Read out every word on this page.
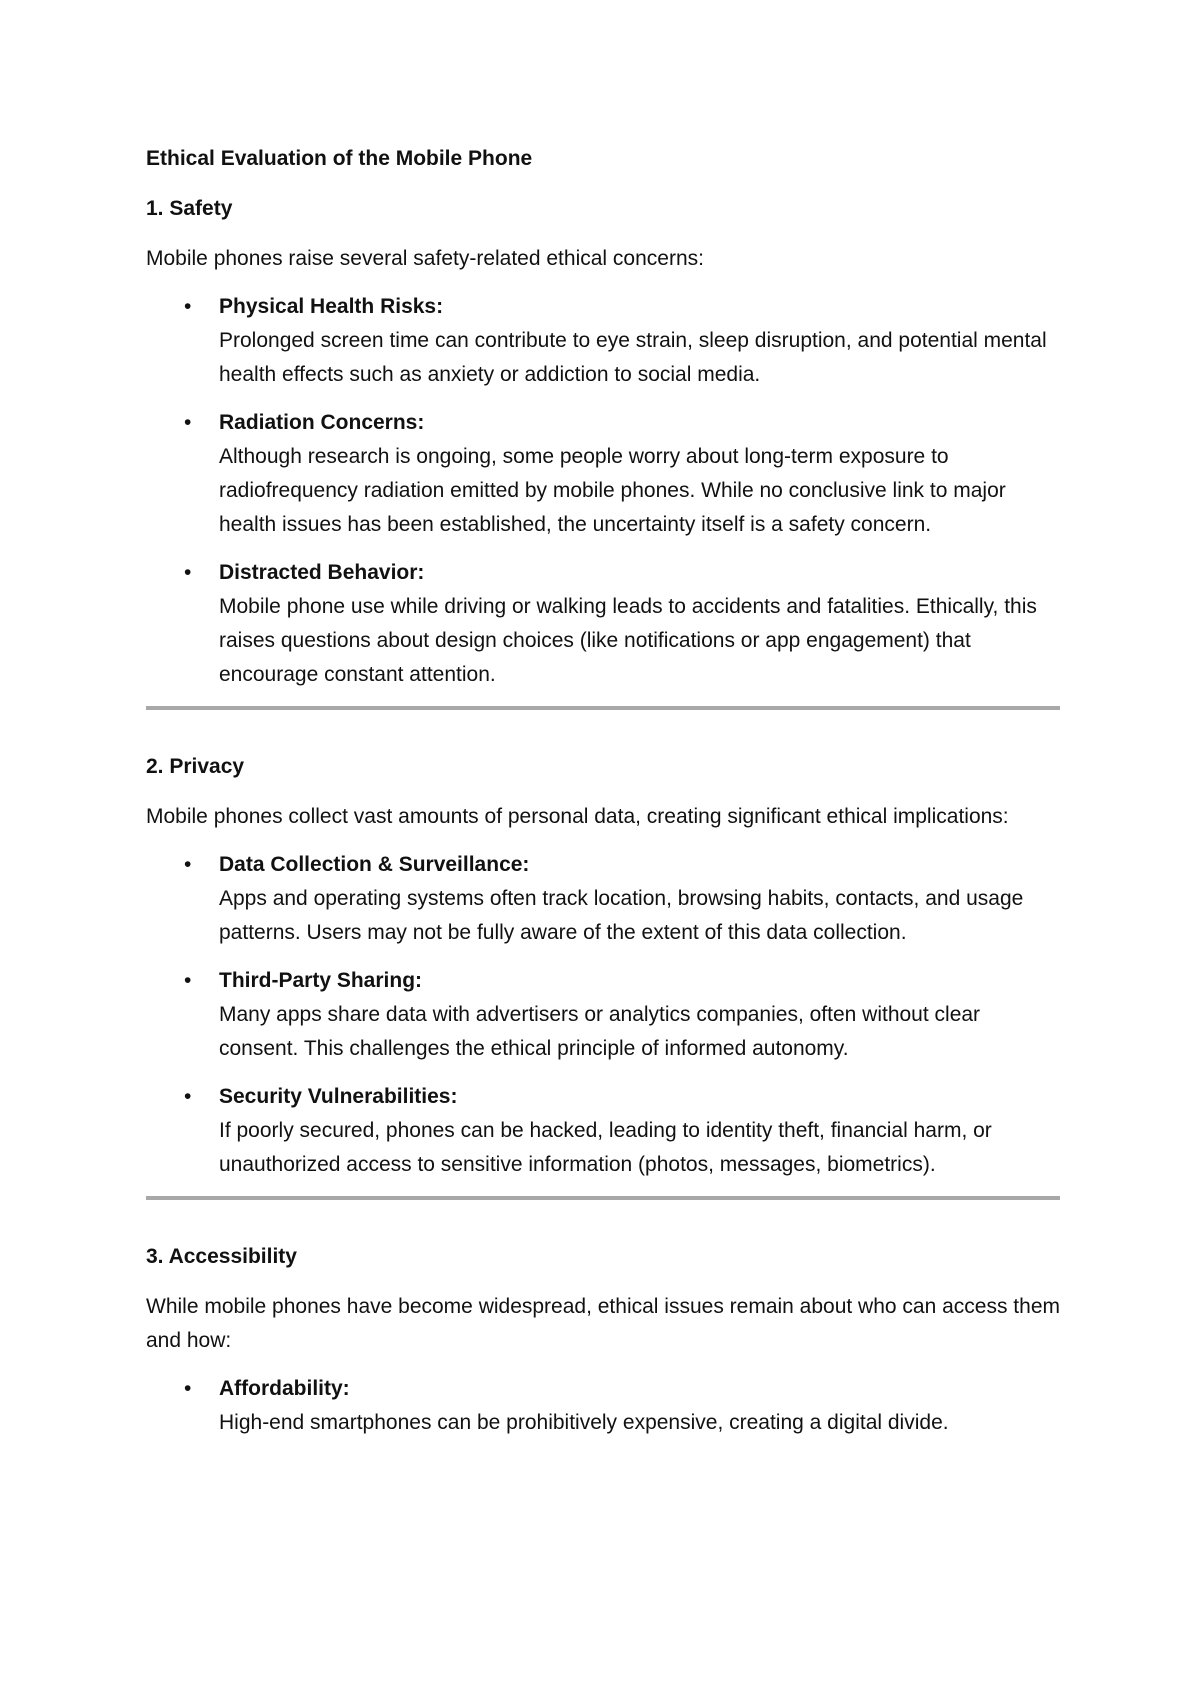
Ethical Evaluation of the Mobile Phone
1. Safety

Mobile phones raise several safety-related ethical concerns:

• Physical Health Risks:
Prolonged screen time can contribute to eye strain, sleep disruption, and potential mental health effects such as anxiety or addiction to social media.
• Radiation Concerns:
Although research is ongoing, some people worry about long-term exposure to radiofrequency radiation emitted by mobile phones. While no conclusive link to major health issues has been established, the uncertainty itself is a safety concern.
• Distracted Behavior:
Mobile phone use while driving or walking leads to accidents and fatalities. Ethically, this raises questions about design choices (like notifications or app engagement) that encourage constant attention.
2. Privacy

Mobile phones collect vast amounts of personal data, creating significant ethical implications:

• Data Collection & Surveillance:
Apps and operating systems often track location, browsing habits, contacts, and usage patterns. Users may not be fully aware of the extent of this data collection.
• Third-Party Sharing:
Many apps share data with advertisers or analytics companies, often without clear consent. This challenges the ethical principle of informed autonomy.
• Security Vulnerabilities:
If poorly secured, phones can be hacked, leading to identity theft, financial harm, or unauthorized access to sensitive information (photos, messages, biometrics).
3. Accessibility

While mobile phones have become widespread, ethical issues remain about who can access them and how:

• Affordability:
High-end smartphones can be prohibitively expensive, creating a digital divide.
